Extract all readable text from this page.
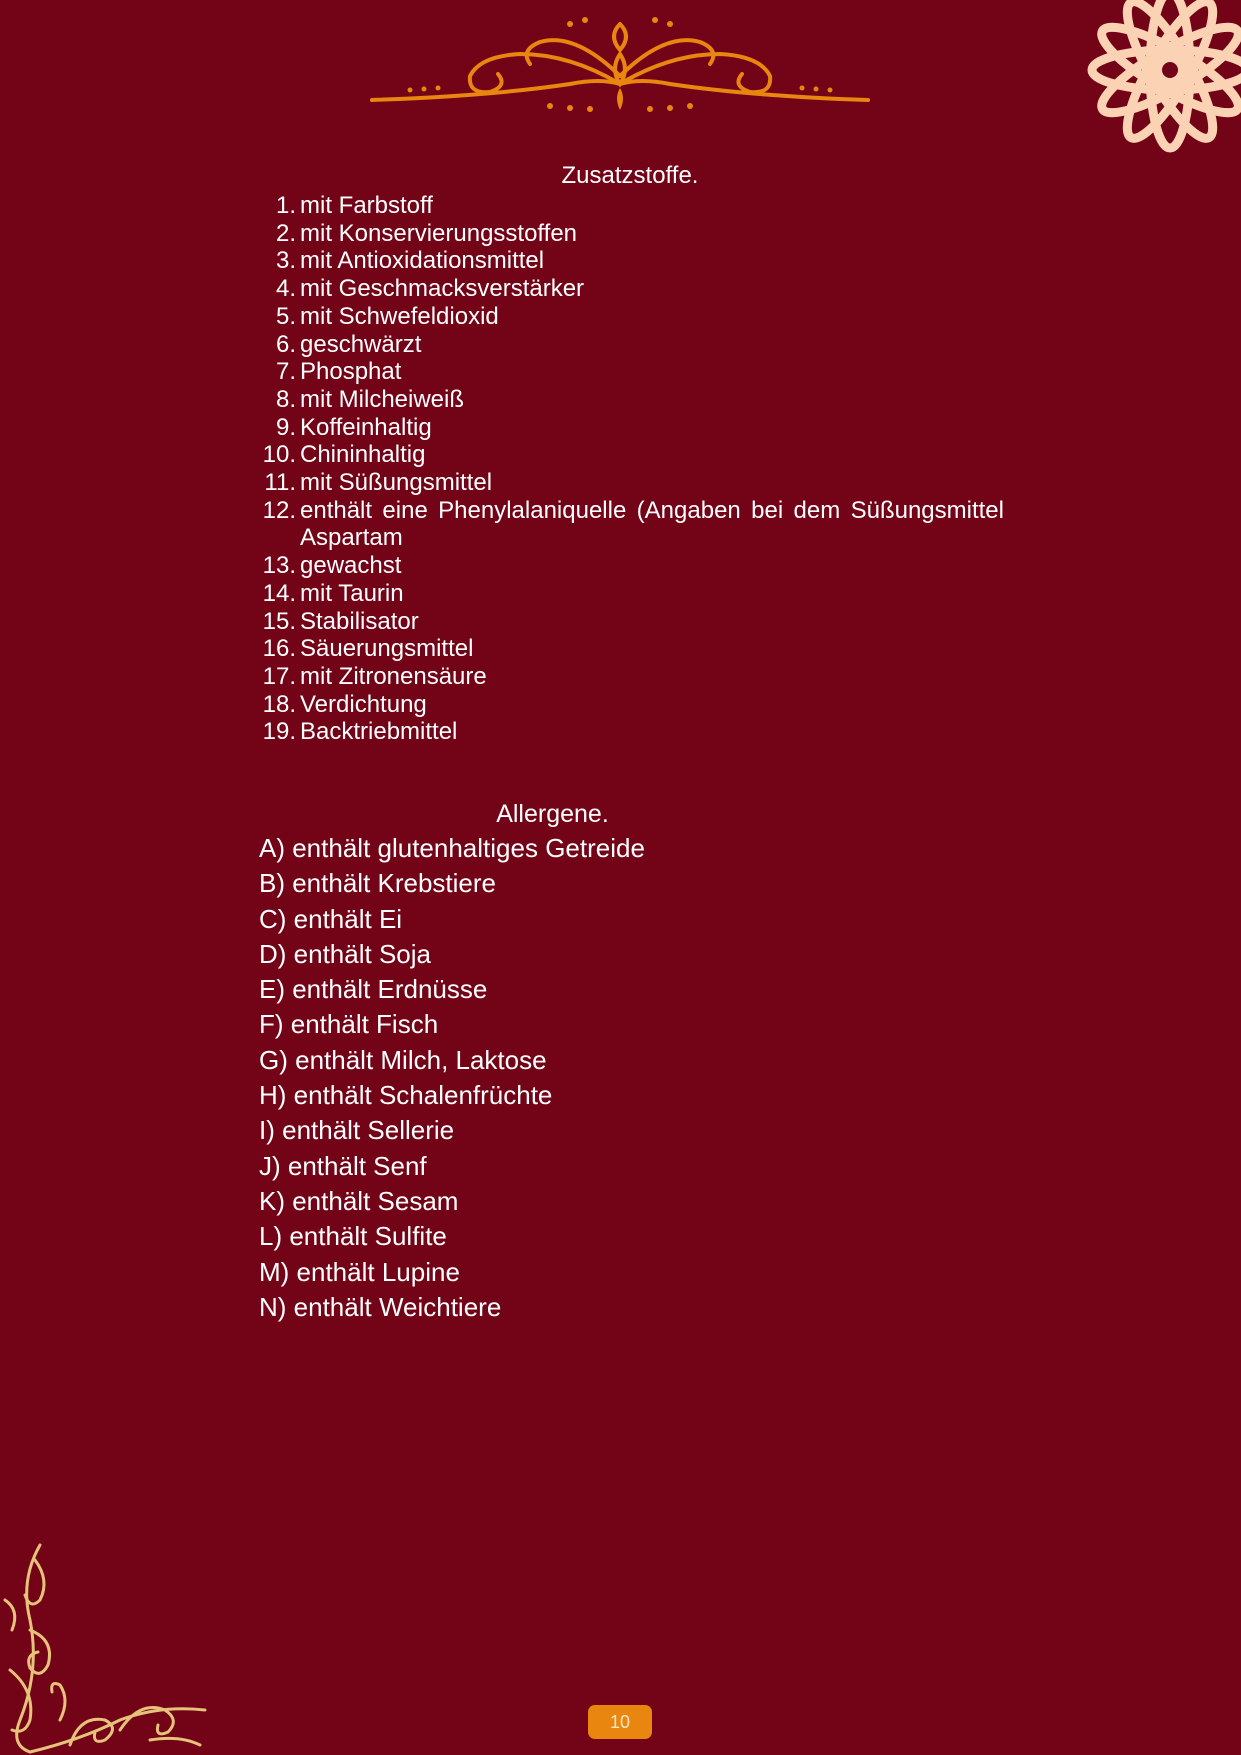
Zusatzstoffe.
1. mit Farbstoff
2. mit Konservierungsstoffen
3. mit Antioxidationsmittel
4. mit Geschmacksverstärker
5. mit Schwefeldioxid
6. geschwärzt
7. Phosphat
8. mit Milcheiweiß
9. Koffeinhaltig
10. Chininhaltig
11. mit Süßungsmittel
12. enthält eine Phenylalaniquelle (Angaben bei dem Süßungsmittel Aspartam
13. gewachst
14. mit Taurin
15. Stabilisator
16. Säuerungsmittel
17. mit Zitronensäure
18. Verdichtung
19. Backtriebmittel
Allergene.
A) enthält glutenhaltiges Getreide
B) enthält Krebstiere
C) enthält Ei
D) enthält Soja
E) enthält Erdnüsse
F) enthält Fisch
G) enthält Milch, Laktose
H) enthält Schalenfrüchte
I) enthält Sellerie
J) enthält Senf
K) enthält Sesam
L) enthält Sulfite
M) enthält Lupine
N) enthält Weichtiere
10
